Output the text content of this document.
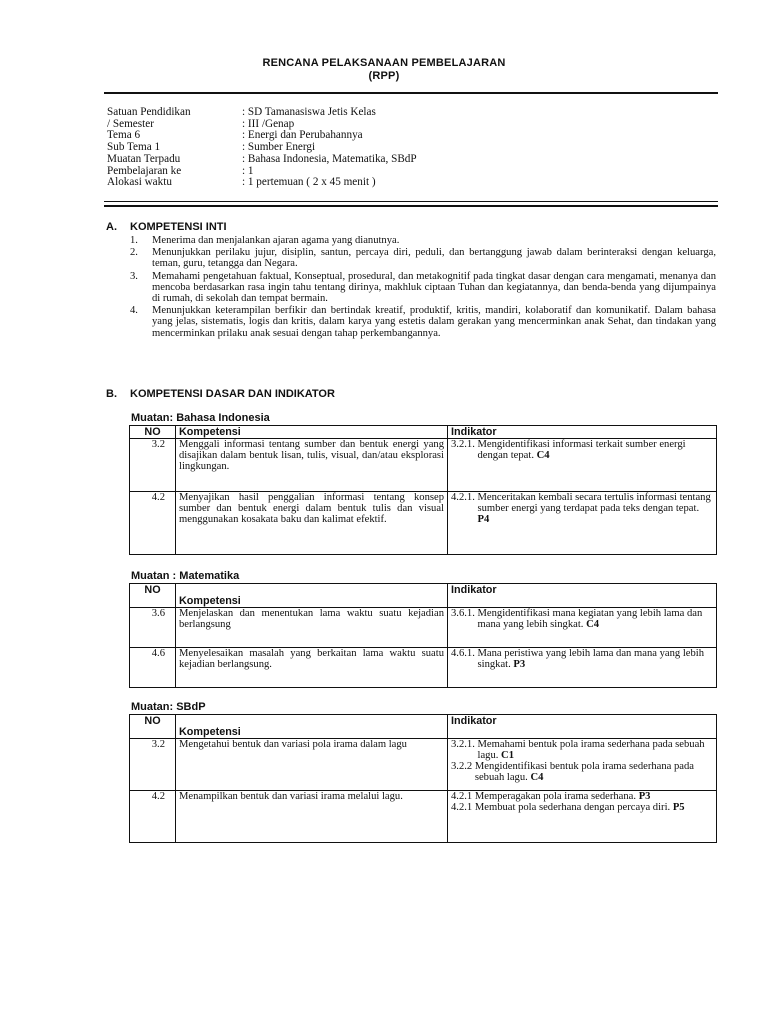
RENCANA PELAKSANAAN PEMBELAJARAN
(RPP)
Satuan Pendidikan	: SD Tamanasiswa Jetis Kelas
/ Semester	: III /Genap
Tema 6	: Energi dan Perubahannya
Sub Tema 1	: Sumber Energi
Muatan Terpadu	: Bahasa Indonesia, Matematika, SBdP
Pembelajaran ke	: 1
Alokasi waktu	: 1 pertemuan ( 2 x 45 menit )
A. KOMPETENSI INTI
1.	Menerima dan menjalankan ajaran agama yang dianutnya.
2.	Menunjukkan perilaku jujur, disiplin, santun, percaya diri, peduli, dan bertanggung jawab dalam berinteraksi dengan keluarga, teman, guru, tetangga dan Negara.
3.	Memahami pengetahuan faktual, Konseptual, prosedural, dan metakognitif pada tingkat dasar dengan cara mengamati, menanya dan mencoba berdasarkan rasa ingin tahu tentang dirinya, makhluk ciptaan Tuhan dan kegiatannya, dan benda-benda yang dijumpainya di rumah, di sekolah dan tempat bermain.
4.	Menunjukkan keterampilan berfikir dan bertindak kreatif, produktif, kritis, mandiri, kolaboratif dan komunikatif. Dalam bahasa yang jelas, sistematis, logis dan kritis, dalam karya yang estetis dalam gerakan yang mencerminkan anak Sehat, dan tindakan yang mencerminkan prilaku anak sesuai dengan tahap perkembangannya.
B. KOMPETENSI DASAR DAN INDIKATOR
Muatan: Bahasa Indonesia
NO	Kompetensi	Indikator
3.2	Menggali informasi tentang sumber dan bentuk energi yang disajikan dalam bentuk lisan, tulis, visual, dan/atau eksplorasi lingkungan.	3.2.1.
Mengidentifikasi informasi terkait sumber energi dengan tepat. C4

4.2	Menyajikan hasil penggalian informasi tentang konsep sumber dan bentuk energi dalam bentuk tulis dan visual menggunakan kosakata baku dan kalimat efektif.	4.2.1.
Menceritakan kembali secara tertulis informasi tentang sumber energi yang terdapat pada teks dengan tepat. P4
Muatan : Matematika
NO	Kompetensi	Indikator
3.6	Menjelaskan dan menentukan lama waktu suatu kejadian berlangsung	3.6.1.
Mengidentifikasi mana kegiatan yang lebih lama dan mana yang lebih singkat. C4

4.6	Menyelesaikan masalah yang berkaitan lama waktu suatu kejadian berlangsung.	4.6.1.
Mana peristiwa yang lebih lama dan mana yang lebih singkat. P3
Muatan: SBdP
NO	Kompetensi	Indikator
3.2	Mengetahui bentuk dan variasi pola irama dalam lagu	3.2.1.
Memahami bentuk pola irama sederhana pada sebuah lagu. C1
3.2.2
Mengidentifikasi bentuk pola irama sederhana pada sebuah lagu. C4

4.2	Menampilkan bentuk dan variasi irama melalui lagu.	4.2.1
Memperagakan pola irama sederhana. P3
4.2.1
Membuat pola sederhana dengan percaya diri. P5
